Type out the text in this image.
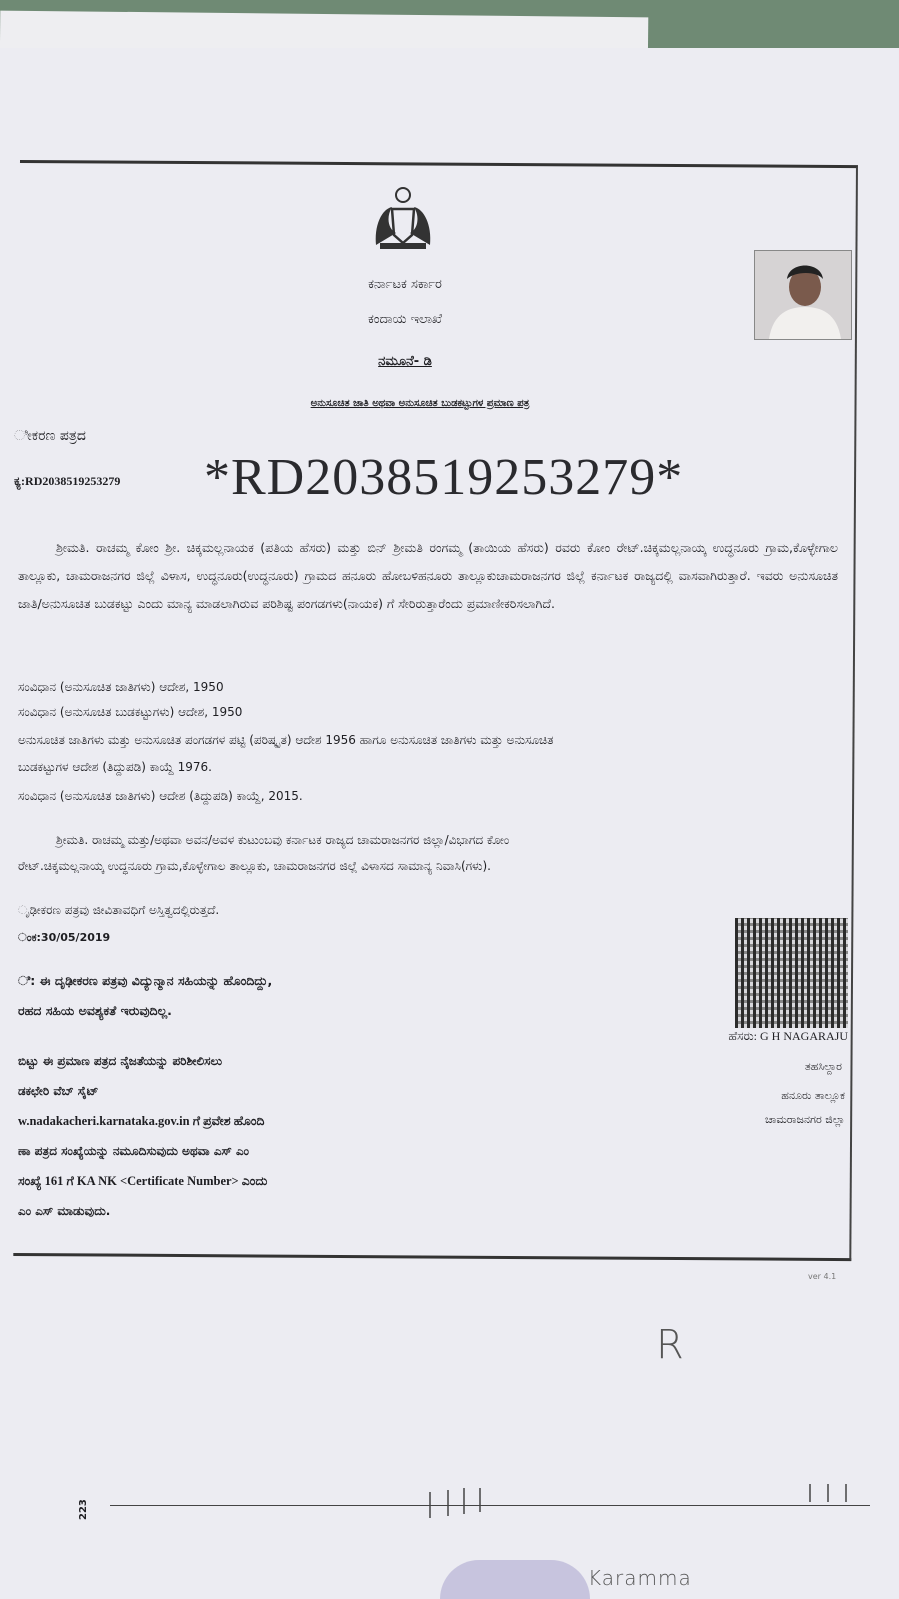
ಕರ್ನಾಟಕ ಸರ್ಕಾರ
ಕಂದಾಯ ಇಲಾಖೆ
ನಮೂನೆ- ಡಿ
ಅನುಸೂಚಿತ ಜಾತಿ ಅಥವಾ ಅನುಸೂಚಿತ ಬುಡಕಟ್ಟುಗಳ ಪ್ರಮಾಣ ಪತ್ರ
ೀಕರಣ ಪತ್ರದ
ಕ್ಯ:RD2038519253279 *RD2038519253279*
ಶ್ರೀಮತಿ. ರಾಚಮ್ಮ ಕೋಂ ಶ್ರೀ. ಚಿಕ್ಕಮಲ್ಲನಾಯಕ (ಪತಿಯ ಹೆಸರು) ಮತ್ತು ಬಿನ್ ಶ್ರೀಮತಿ ರಂಗಮ್ಮ (ತಾಯಿಯ ಹೆಸರು) ರವರು ಕೋಂ ರೇಟ್.ಚಿಕ್ಕಮಲ್ಲನಾಯ್ಕ ಉದ್ಧನೂರು ಗ್ರಾಮ,ಕೊಳ್ಳೇಗಾಲ ತಾಲ್ಲೂಕು, ಚಾಮರಾಜನಗರ ಜಿಲ್ಲೆ ವಿಳಾಸ, ಉದ್ಧನೂರು(ಉದ್ಧನೂರು) ಗ್ರಾಮದ ಹನೂರು ಹೋಬಳಿಹನೂರು ತಾಲ್ಲೂಕುಚಾಮರಾಜನಗರ ಜಿಲ್ಲೆ ಕರ್ನಾಟಕ ರಾಜ್ಯದಲ್ಲಿ ವಾಸವಾಗಿರುತ್ತಾರೆ. ಇವರು ಅನುಸೂಚಿತ ಜಾತಿ/ಅನುಸೂಚಿತ ಬುಡಕಟ್ಟು ಎಂದು ಮಾನ್ಯ ಮಾಡಲಾಗಿರುವ ಪರಿಶಿಷ್ಟ ಪಂಗಡಗಳು(ನಾಯಕ) ಗೆ ಸೇರಿರುತ್ತಾರೆಂದು ಪ್ರಮಾಣೀಕರಿಸಲಾಗಿದೆ.
ಸಂವಿಧಾನ (ಅನುಸೂಚಿತ ಜಾತಿಗಳು) ಆದೇಶ, 1950
ಸಂವಿಧಾನ (ಅನುಸೂಚಿತ ಬುಡಕಟ್ಟುಗಳು) ಆದೇಶ, 1950
ಅನುಸೂಚಿತ ಜಾತಿಗಳು ಮತ್ತು ಅನುಸೂಚಿತ ಪಂಗಡಗಳ ಪಟ್ಟಿ (ಪರಿಷ್ಕೃತ) ಆದೇಶ 1956 ಹಾಗೂ ಅನುಸೂಚಿತ ಜಾತಿಗಳು ಮತ್ತು ಅನುಸೂಚಿತ
ಬುಡಕಟ್ಟುಗಳ ಆದೇಶ (ತಿದ್ದುಪಡಿ) ಕಾಯ್ದೆ 1976.
ಸಂವಿಧಾನ (ಅನುಸೂಚಿತ ಜಾತಿಗಳು) ಆದೇಶ (ತಿದ್ದುಪಡಿ) ಕಾಯ್ದೆ, 2015.
ಶ್ರೀಮತಿ. ರಾಚಮ್ಮ ಮತ್ತು/ಅಥವಾ ಅವನ/ಅವಳ ಕುಟುಂಬವು ಕರ್ನಾಟಕ ರಾಜ್ಯದ ಚಾಮರಾಜನಗರ ಜಿಲ್ಲಾ/ವಿಭಾಗದ ಕೋಂ
ರೇಟ್.ಚಿಕ್ಕಮಲ್ಲನಾಯ್ಕ ಉದ್ಧನೂರು ಗ್ರಾಮ,ಕೊಳ್ಳೇಗಾಲ ತಾಲ್ಲೂಕು, ಚಾಮರಾಜನಗರ ಜಿಲ್ಲೆ ವಿಳಾಸದ ಸಾಮಾನ್ಯ ನಿವಾಸಿ(ಗಳು).
ೃಢೀಕರಣ ಪತ್ರವು ಜೀವಿತಾವಧಿಗೆ ಅಸ್ತಿತ್ವದಲ್ಲಿರುತ್ತದೆ.
ಂಕ:30/05/2019
ಿ: ಈ ದೃಢೀಕರಣ ಪತ್ರವು ವಿದ್ಯುನ್ಮಾನ ಸಹಿಯನ್ನು ಹೊಂದಿದ್ದು,
ರಹದ ಸಹಿಯ ಅವಶ್ಯಕತೆ ಇರುವುದಿಲ್ಲ.
ಹೆಸರು: G H NAGARAJU
ತಹಸಿಲ್ದಾರ
ಹನೂರು ತಾಲ್ಲೂಕ
ಚಾಮರಾಜನಗರ ಜಿಲ್ಲಾ
ಬಿಟ್ಟು ಈ ಪ್ರಮಾಣ ಪತ್ರದ ನೈಜತೆಯನ್ನು ಪರಿಶೀಲಿಸಲು
ಡಕಛೇರಿ ವೆಬ್ ಸೈಟ್
w.nadakacheri.karnataka.gov.in ಗೆ ಪ್ರವೇಶ ಹೊಂದಿ
ಣಾ ಪತ್ರದ ಸಂಖ್ಯೆಯನ್ನು ನಮೂದಿಸುವುದು ಅಥವಾ ಎಸ್ ಎಂ
ಸಂಖ್ಯೆ 161 ಗೆ KA NK <Certificate Number> ಎಂದು
ಎಂ ಎಸ್ ಮಾಡುವುದು.
ver 4.1
R
223
Karamma
